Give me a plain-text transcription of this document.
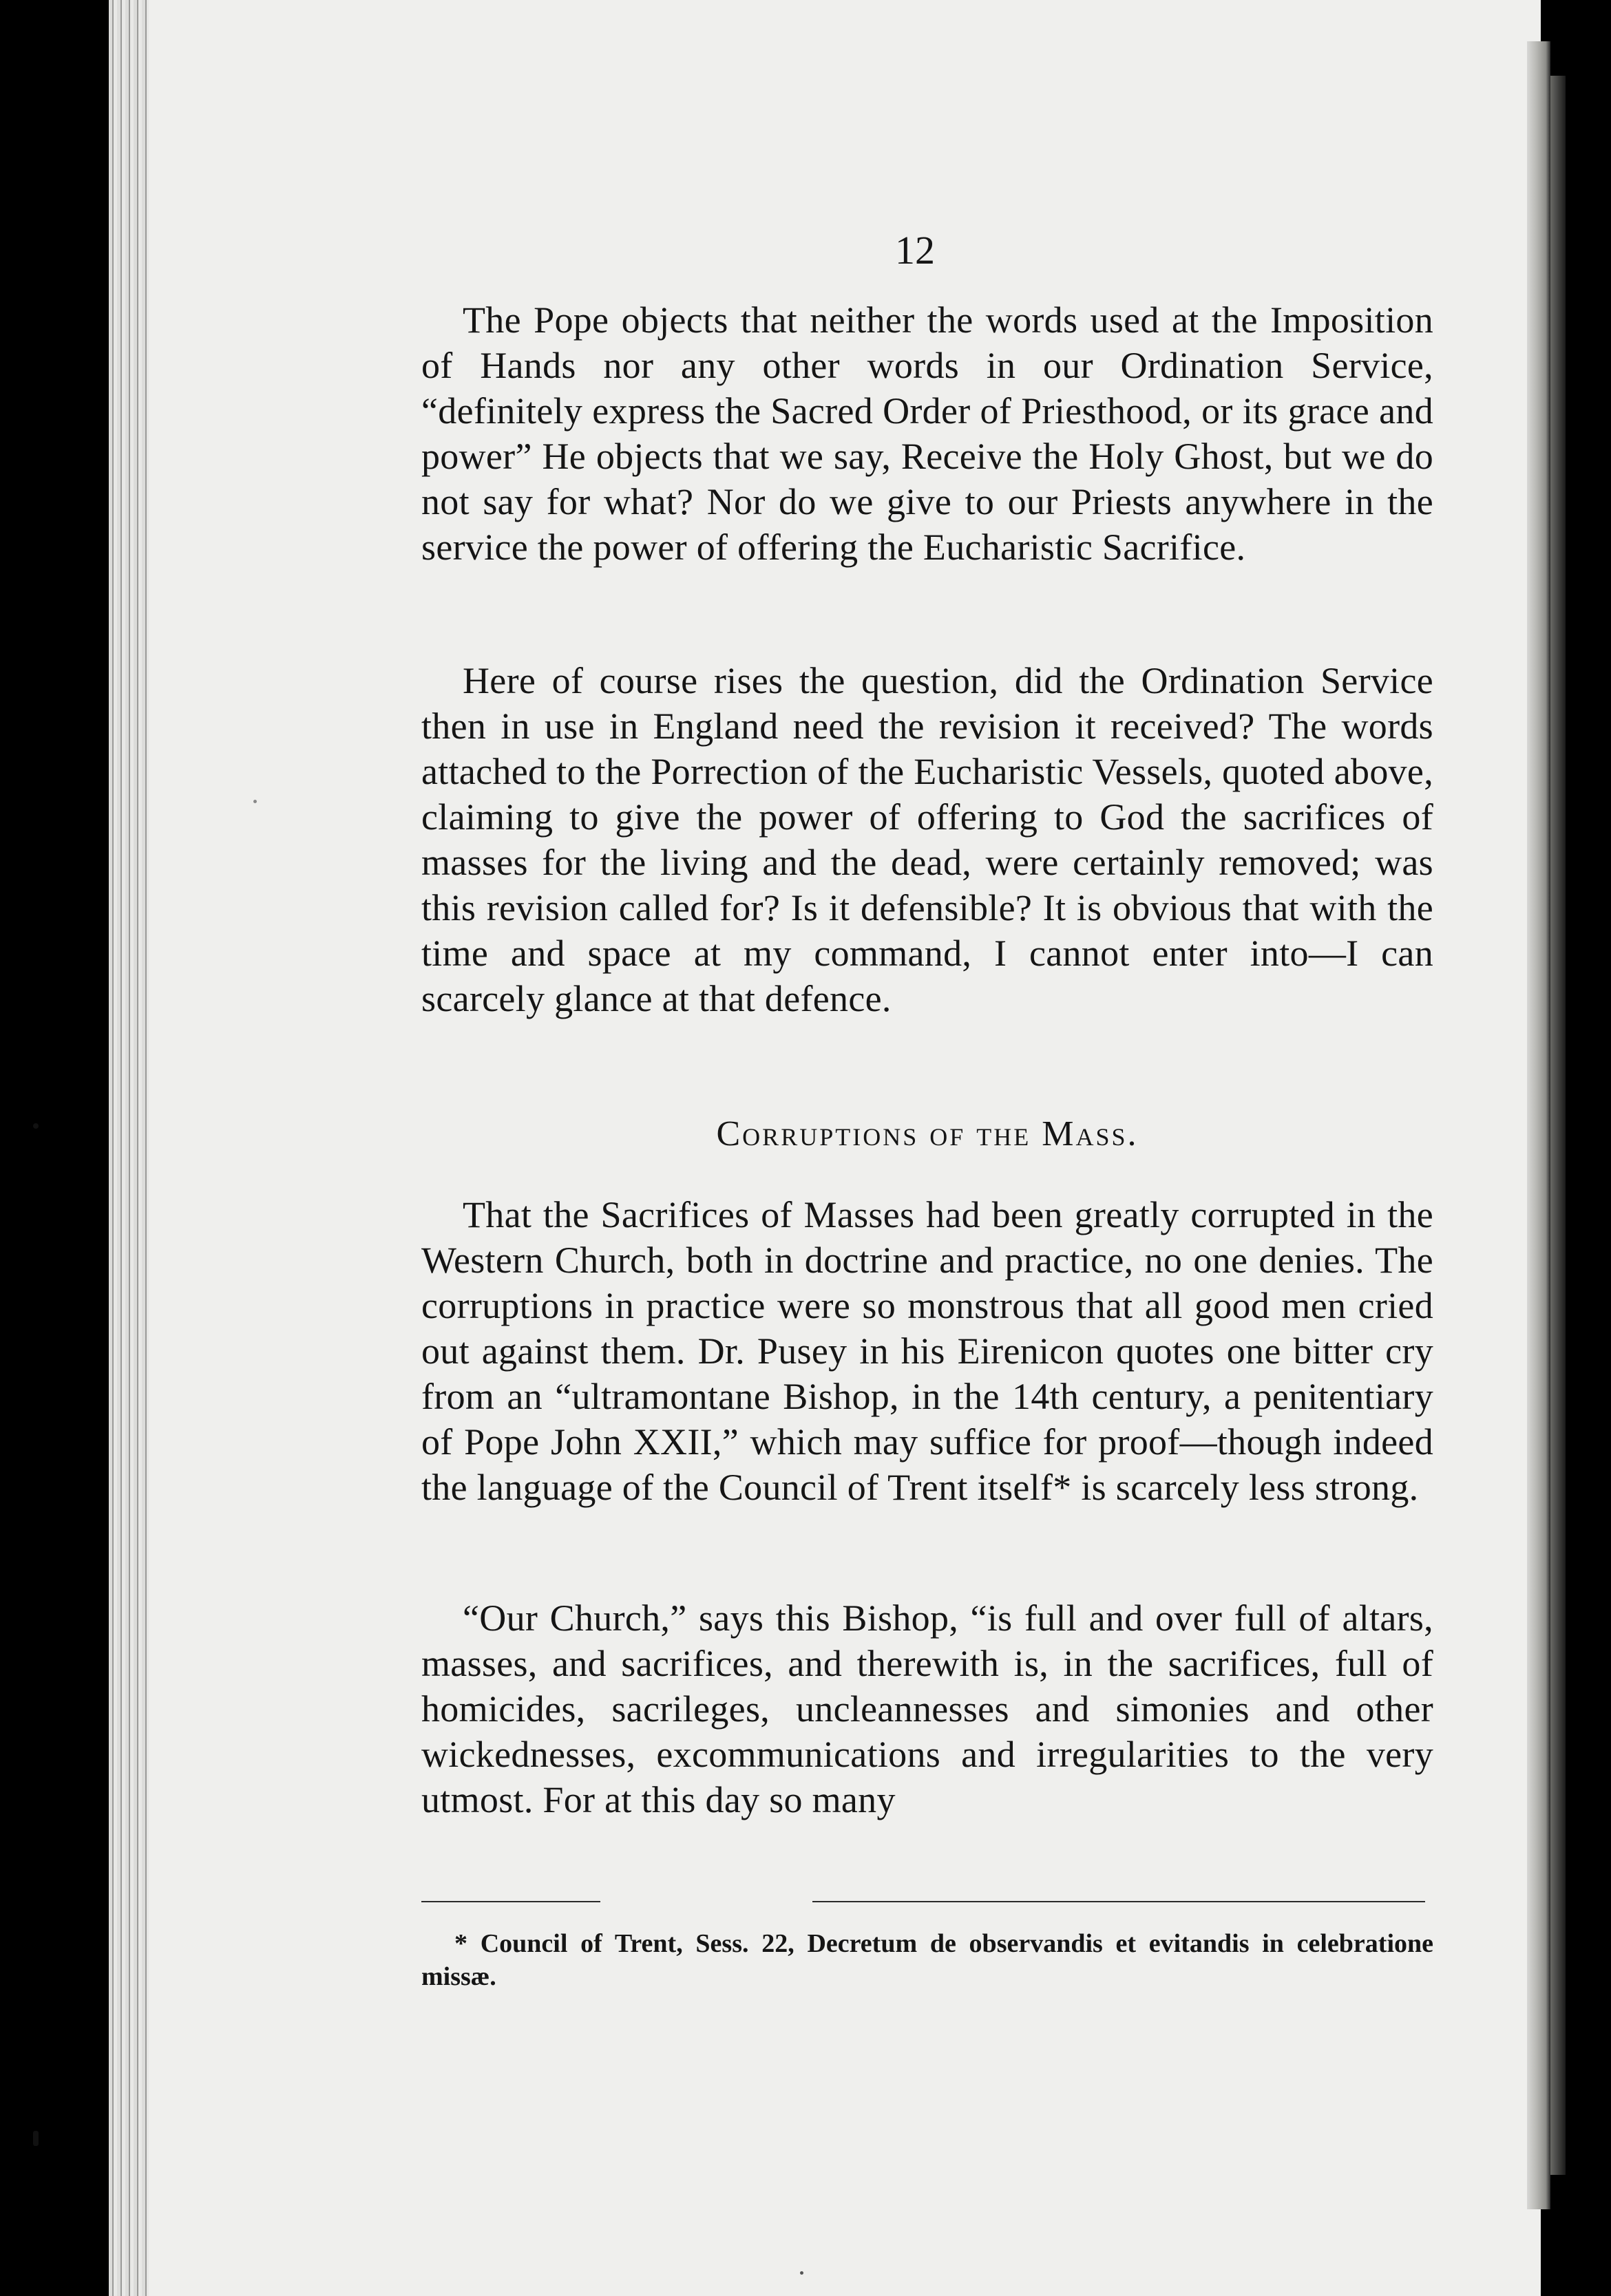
12

The Pope objects that neither the words used at the Imposition of Hands nor any other words in our Ordination Service, “definitely express the Sacred Order of Priesthood, or its grace and power” He objects that we say, Receive the Holy Ghost, but we do not say for what? Nor do we give to our Priests anywhere in the service the power of offering the Eucharistic Sacrifice.

Here of course rises the question, did the Ordination Service then in use in England need the revision it received? The words attached to the Porrection of the Eucharistic Vessels, quoted above, claiming to give the power of offering to God the sacrifices of masses for the living and the dead, were certainly removed; was this revision called for? Is it defensible? It is obvious that with the time and space at my command, I cannot enter into—I can scarcely glance at that defence.

Corruptions of the Mass.

That the Sacrifices of Masses had been greatly corrupted in the Western Church, both in doctrine and practice, no one denies. The corruptions in practice were so monstrous that all good men cried out against them. Dr. Pusey in his Eirenicon quotes one bitter cry from an “ultramontane Bishop, in the 14th century, a penitentiary of Pope John XXII,” which may suffice for proof—though indeed the language of the Council of Trent itself* is scarcely less strong.

“Our Church,” says this Bishop, “is full and over full of altars, masses, and sacrifices, and therewith is, in the sacrifices, full of homicides, sacrileges, uncleannesses and simonies and other wickednesses, excommunications and irregularities to the very utmost. For at this day so many

* Council of Trent, Sess. 22, Decretum de observandis et evitandis in celebratione missæ.
